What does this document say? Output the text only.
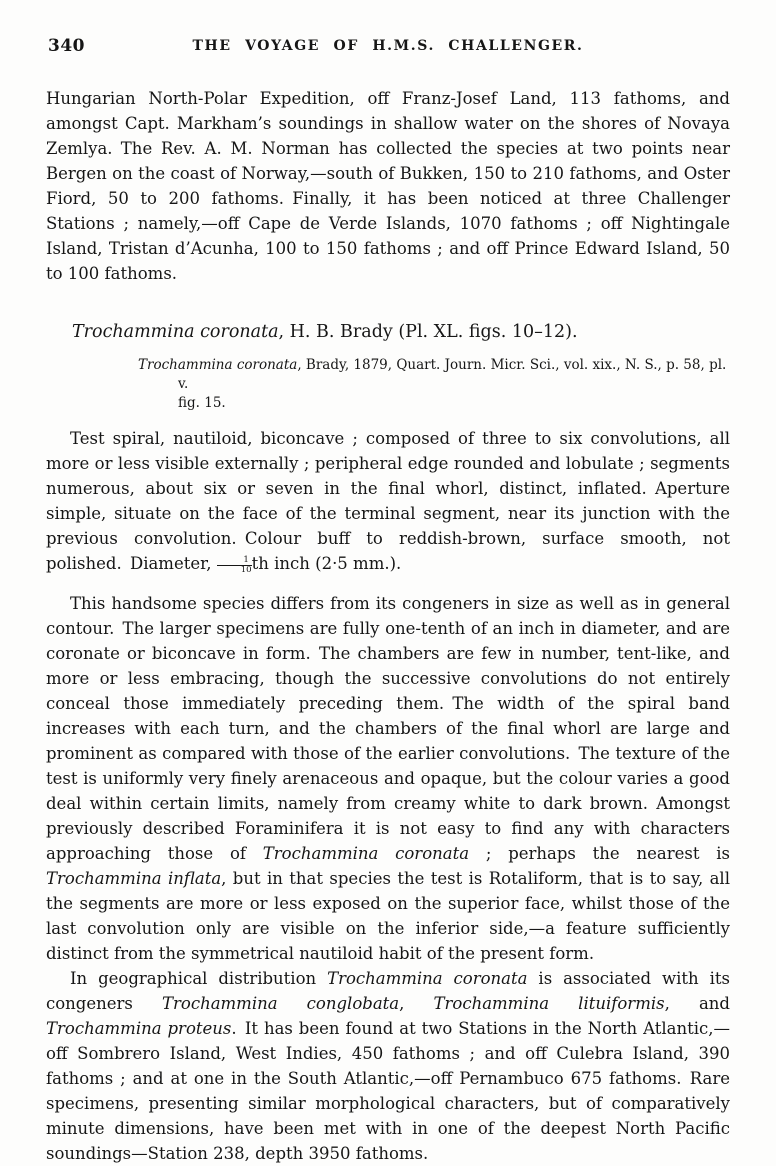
340	THE VOYAGE OF H.M.S. CHALLENGER.

Hungarian North-Polar Expedition, off Franz-Josef Land, 113 fathoms, and amongst Capt. Markham’s soundings in shallow water on the shores of Novaya Zemlya. The Rev. A. M. Norman has collected the species at two points near Bergen on the coast of Norway,—south of Bukken, 150 to 210 fathoms, and Oster Fiord, 50 to 200 fathoms. Finally, it has been noticed at three Challenger Stations ; namely,—off Cape de Verde Islands, 1070 fathoms ; off Nightingale Island, Tristan d’Acunha, 100 to 150 fathoms ; and off Prince Edward Island, 50 to 100 fathoms.

Trochammina coronata, H. B. Brady (Pl. XL. figs. 10–12).

Trochammina coronata, Brady, 1879, Quart. Journ. Micr. Sci., vol. xix., N. S., p. 58, pl. v.
fig. 15.

Test spiral, nautiloid, biconcave ; composed of three to six convolutions, all more or less visible externally ; peripheral edge rounded and lobulate ; segments numerous, about six or seven in the final whorl, distinct, inflated. Aperture simple, situate on the face of the terminal segment, near its junction with the previous convolution. Colour buff to reddish-brown, surface smooth, not polished. Diameter, $\frac{1}{10}$ th inch (2·5 mm.).

This handsome species differs from its congeners in size as well as in general contour. The larger specimens are fully one-tenth of an inch in diameter, and are coronate or biconcave in form. The chambers are few in number, tent-like, and more or less embracing, though the successive convolutions do not entirely conceal those immediately preceding them. The width of the spiral band increases with each turn, and the chambers of the final whorl are large and prominent as compared with those of the earlier convolutions. The texture of the test is uniformly very finely arenaceous and opaque, but the colour varies a good deal within certain limits, namely from creamy white to dark brown. Amongst previously described Foraminifera it is not easy to find any with characters approaching those of Trochammina coronata ; perhaps the nearest is Trochammina inflata, but in that species the test is Rotaliform, that is to say, all the segments are more or less exposed on the superior face, whilst those of the last convolution only are visible on the inferior side,—a feature sufficiently distinct from the symmetrical nautiloid habit of the present form.

In geographical distribution Trochammina coronata is associated with its congeners Trochammina conglobata, Trochammina lituiformis, and Trochammina proteus. It has been found at two Stations in the North Atlantic,—off Sombrero Island, West Indies, 450 fathoms ; and off Culebra Island, 390 fathoms ; and at one in the South Atlantic,—off Pernambuco 675 fathoms. Rare specimens, presenting similar morphological characters, but of comparatively minute dimensions, have been met with in one of the deepest North Pacific soundings—Station 238, depth 3950 fathoms.
